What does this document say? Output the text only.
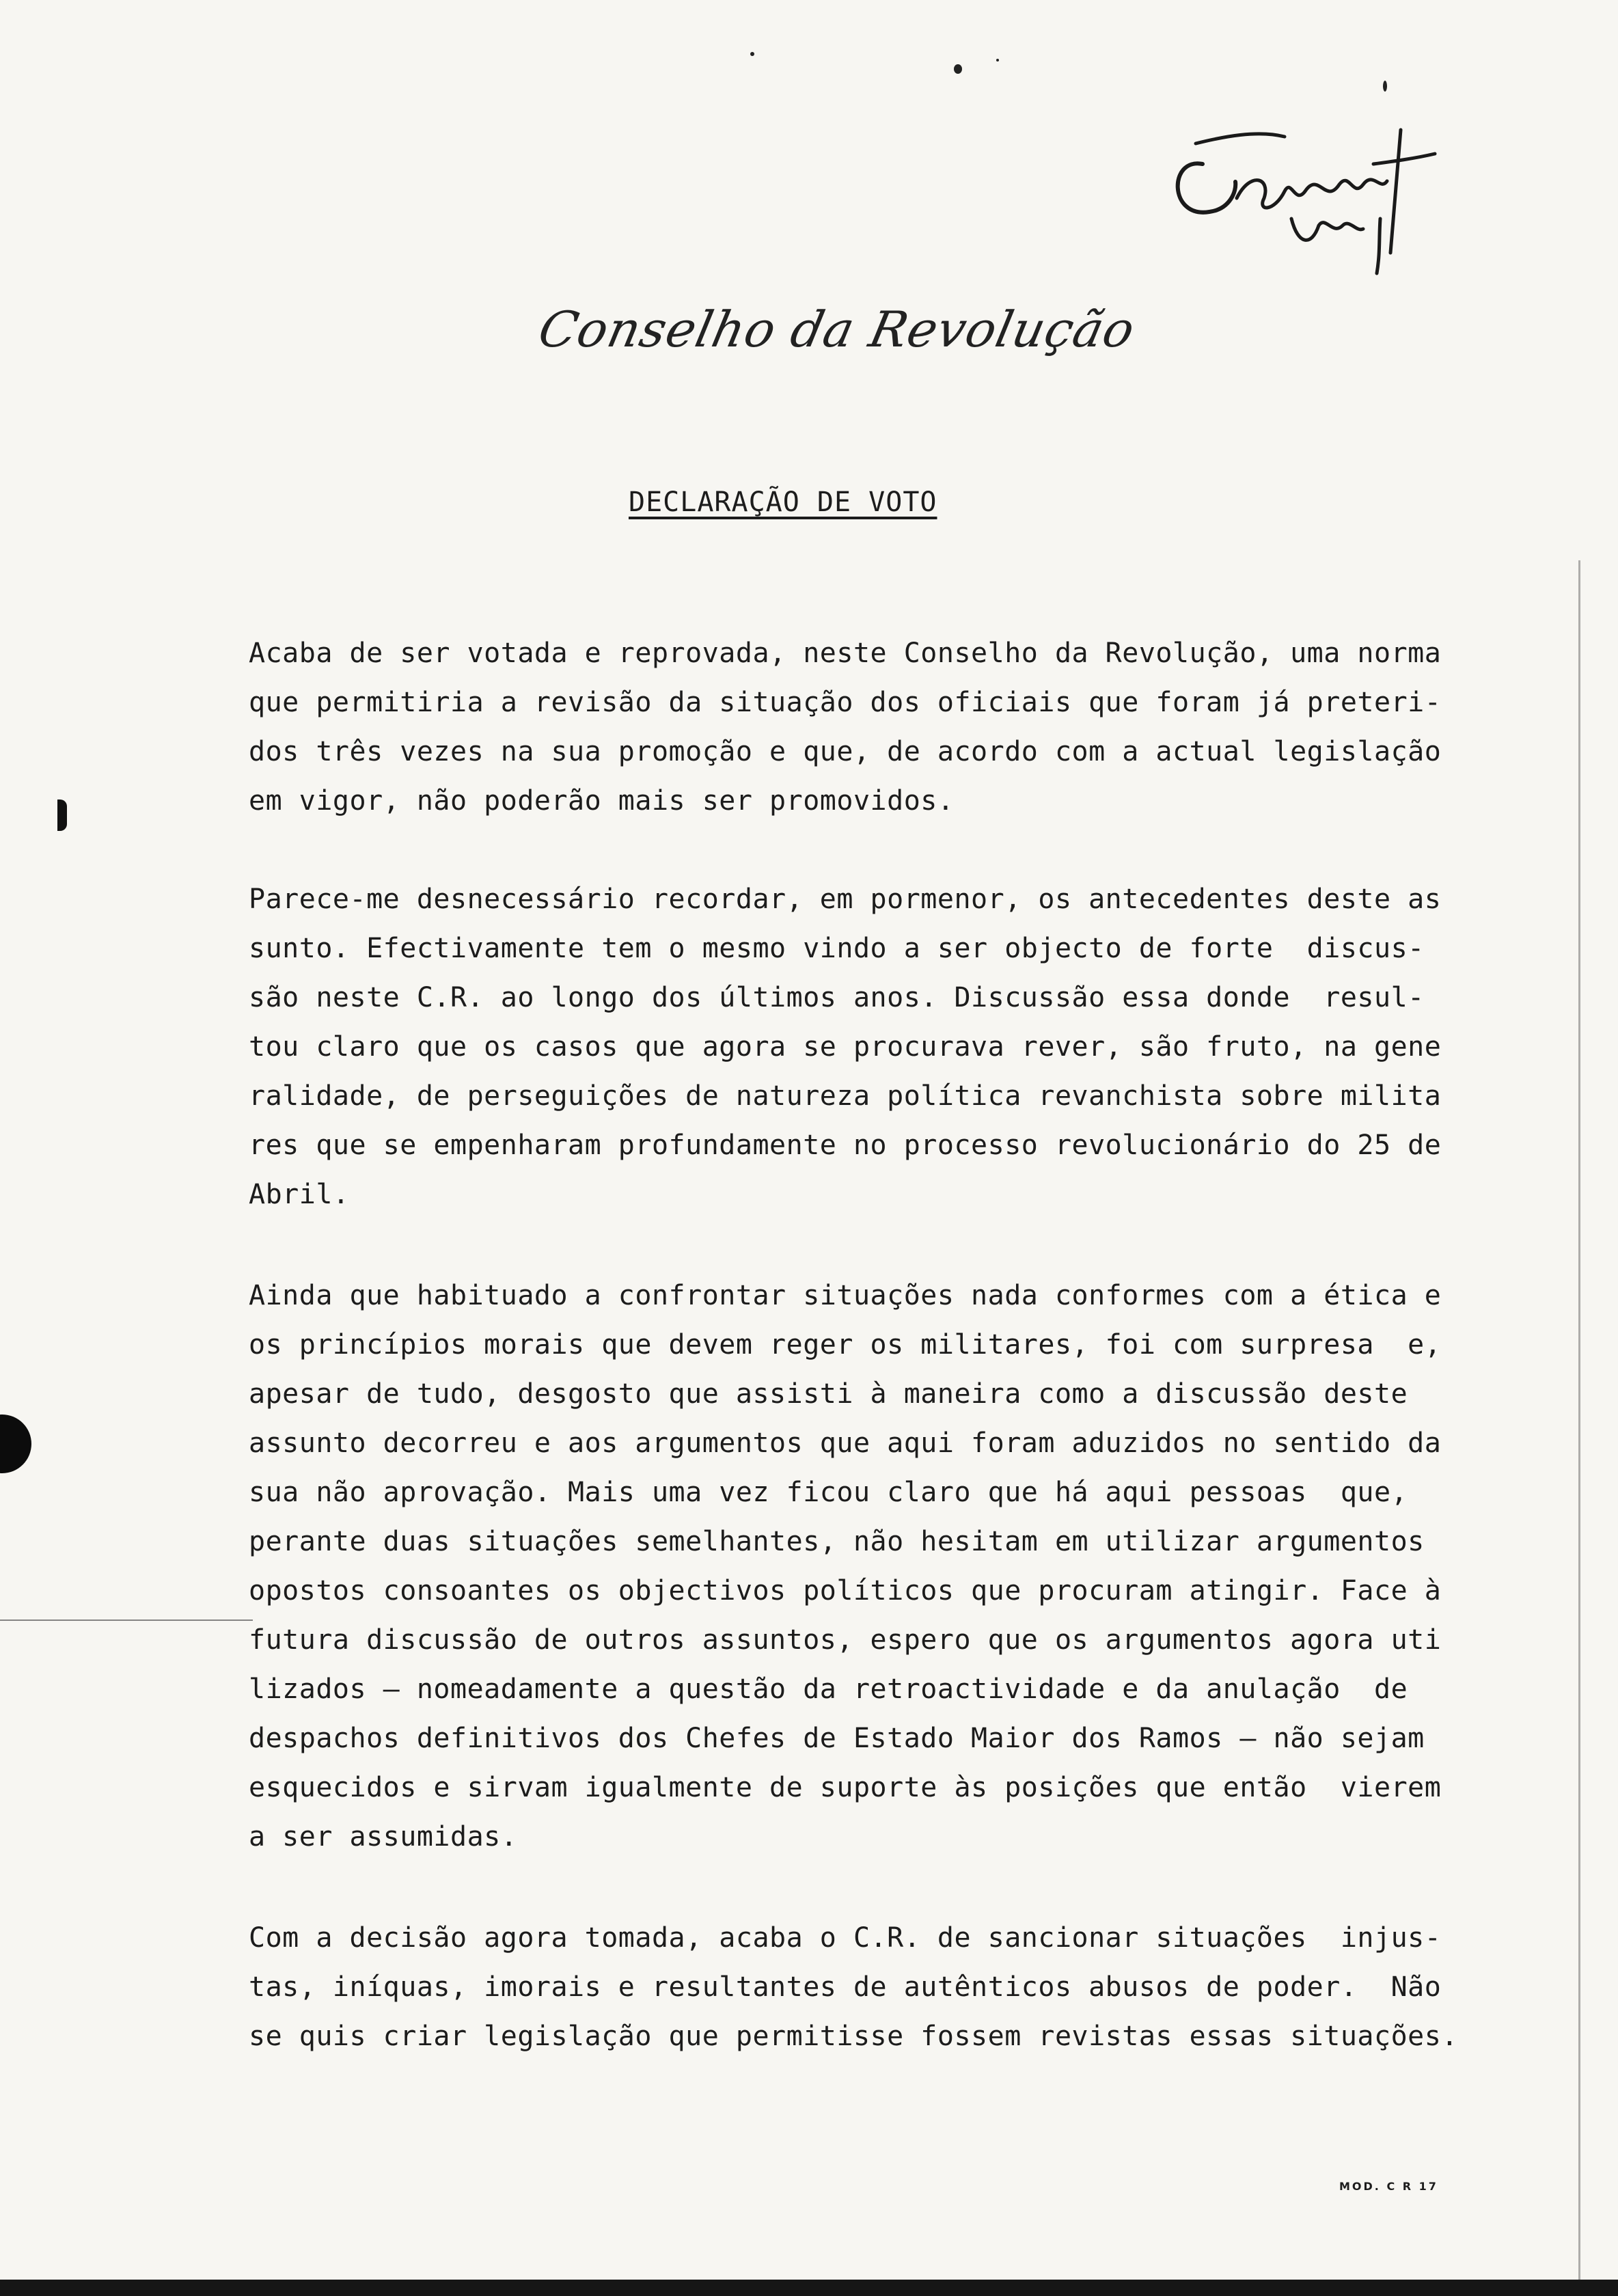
Conselho da Revolução
DECLARAÇÃO DE VOTO
Acaba de ser votada e reprovada, neste Conselho da Revolução, uma norma
que permitiria a revisão da situação dos oficiais que foram já preteri-
dos três vezes na sua promoção e que, de acordo com a actual legislação
em vigor, não poderão mais ser promovidos.
Parece-me desnecessário recordar, em pormenor, os antecedentes deste as
sunto. Efectivamente tem o mesmo vindo a ser objecto de forte  discus-
são neste C.R. ao longo dos últimos anos. Discussão essa donde  resul-
tou claro que os casos que agora se procurava rever, são fruto, na gene
ralidade, de perseguições de natureza política revanchista sobre milita
res que se empenharam profundamente no processo revolucionário do 25 de
Abril.
Ainda que habituado a confrontar situações nada conformes com a ética e
os princípios morais que devem reger os militares, foi com surpresa  e,
apesar de tudo, desgosto que assisti à maneira como a discussão deste
assunto decorreu e aos argumentos que aqui foram aduzidos no sentido da
sua não aprovação. Mais uma vez ficou claro que há aqui pessoas  que,
perante duas situações semelhantes, não hesitam em utilizar argumentos
opostos consoantes os objectivos políticos que procuram atingir. Face à
futura discussão de outros assuntos, espero que os argumentos agora uti
lizados — nomeadamente a questão da retroactividade e da anulação  de
despachos definitivos dos Chefes de Estado Maior dos Ramos — não sejam
esquecidos e sirvam igualmente de suporte às posições que então  vierem
a ser assumidas.
Com a decisão agora tomada, acaba o C.R. de sancionar situações  injus-
tas, iníquas, imorais e resultantes de autênticos abusos de poder.  Não
se quis criar legislação que permitisse fossem revistas essas situações.
MOD. C R 17
